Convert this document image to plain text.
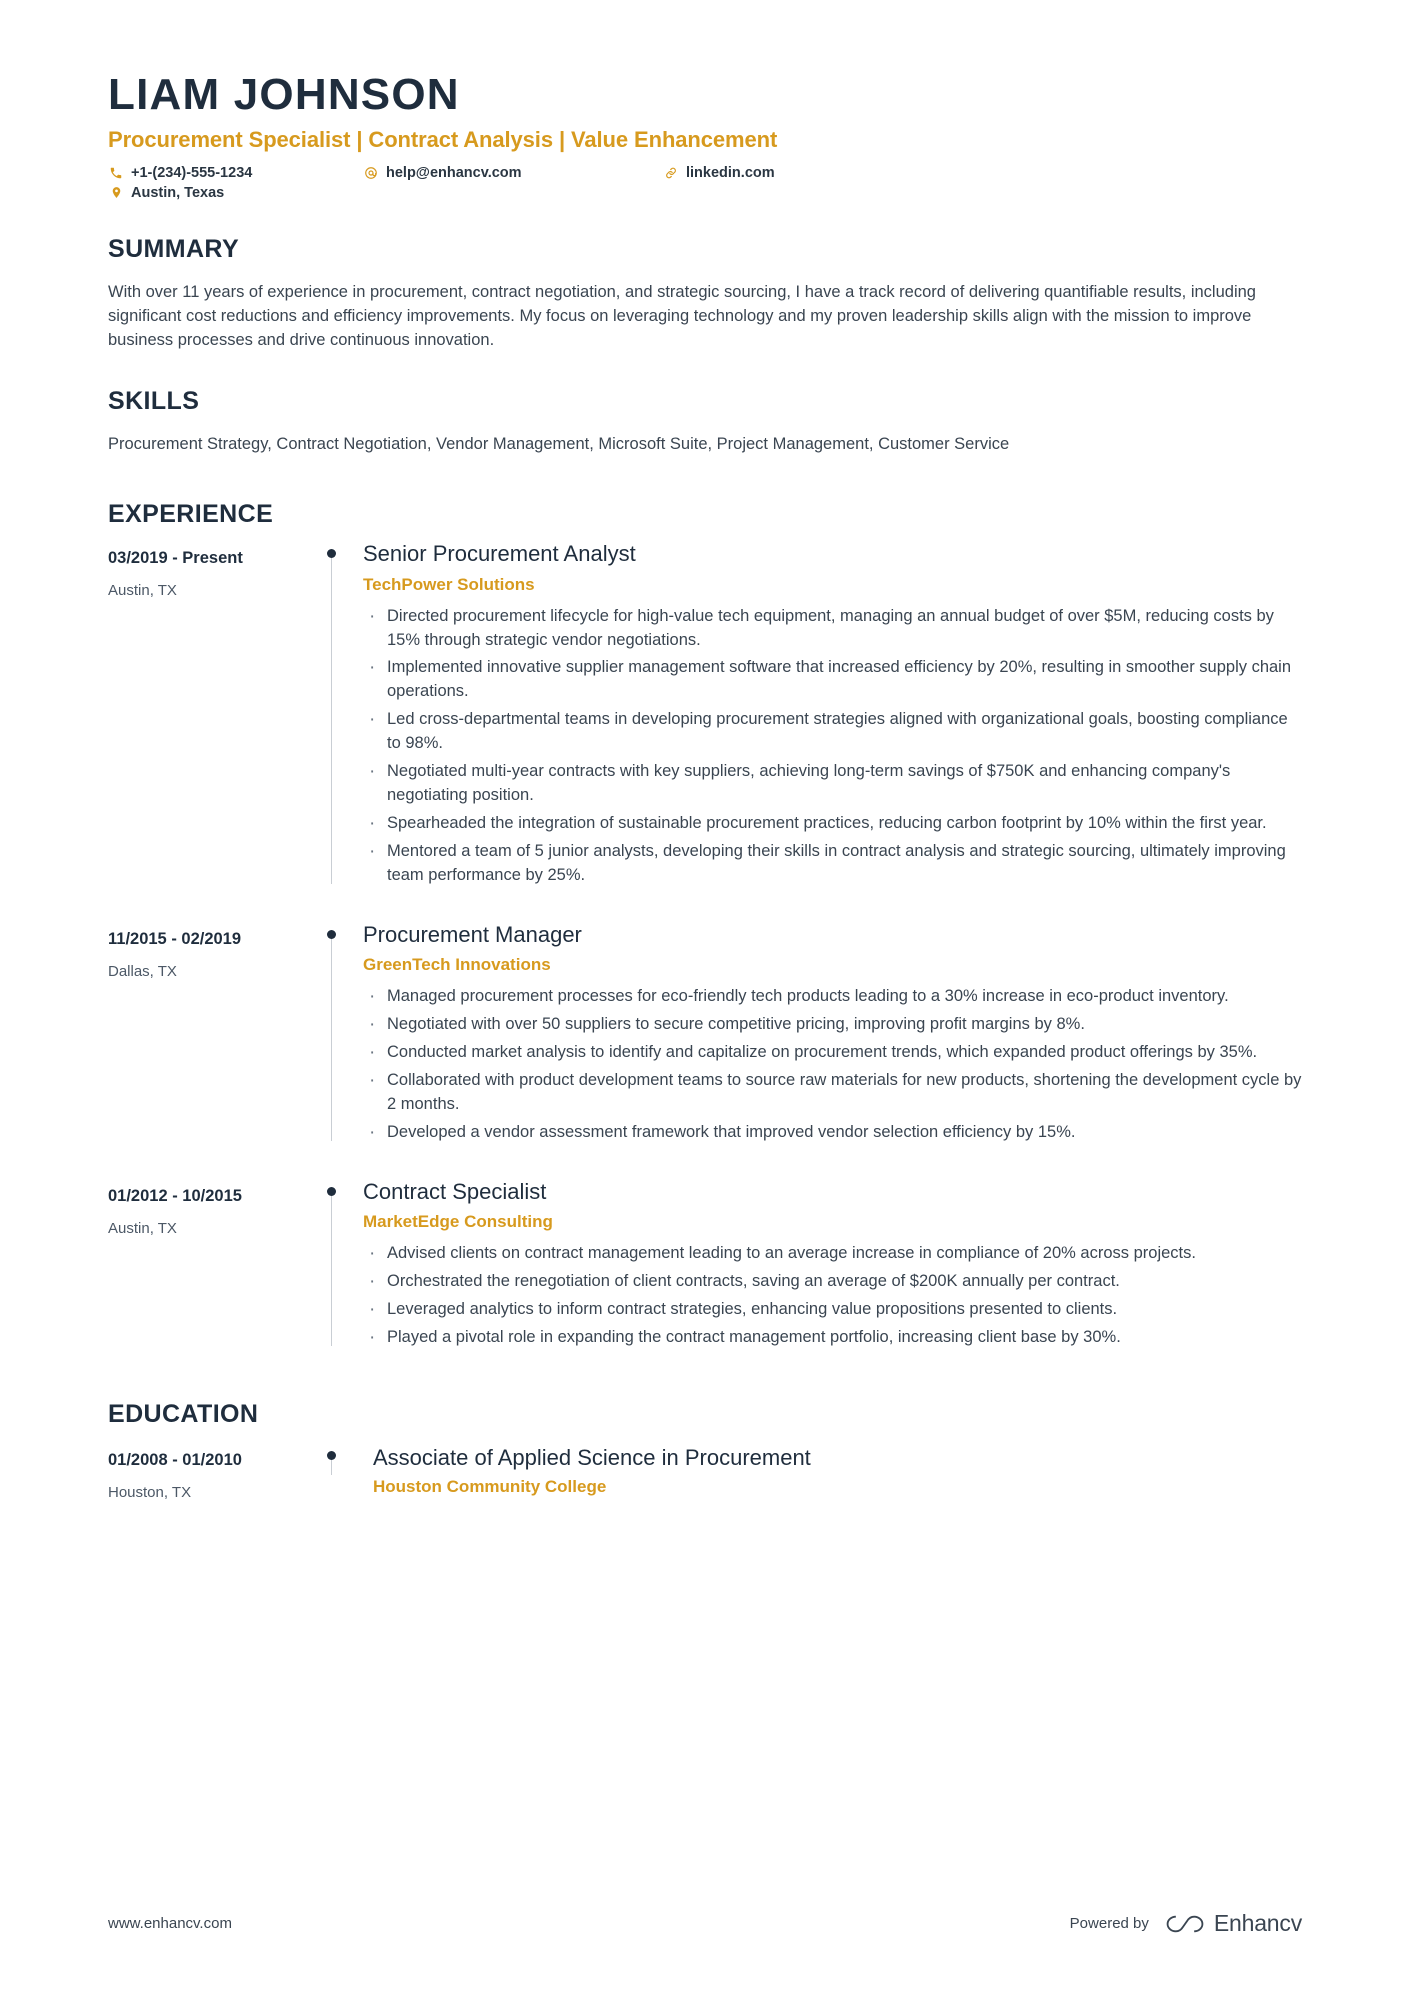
LIAM JOHNSON
Procurement Specialist | Contract Analysis | Value Enhancement
+1-(234)-555-1234	help@enhancv.com	linkedin.com
Austin, Texas
SUMMARY
With over 11 years of experience in procurement, contract negotiation, and strategic sourcing, I have a track record of delivering quantifiable results, including significant cost reductions and efficiency improvements. My focus on leveraging technology and my proven leadership skills align with the mission to improve business processes and drive continuous innovation.
SKILLS
Procurement Strategy, Contract Negotiation, Vendor Management, Microsoft Suite, Project Management, Customer Service
EXPERIENCE
03/2019 - Present
Austin, TX
Senior Procurement Analyst
TechPower Solutions
· Directed procurement lifecycle for high-value tech equipment, managing an annual budget of over $5M, reducing costs by 15% through strategic vendor negotiations.
· Implemented innovative supplier management software that increased efficiency by 20%, resulting in smoother supply chain operations.
· Led cross-departmental teams in developing procurement strategies aligned with organizational goals, boosting compliance to 98%.
· Negotiated multi-year contracts with key suppliers, achieving long-term savings of $750K and enhancing company's negotiating position.
· Spearheaded the integration of sustainable procurement practices, reducing carbon footprint by 10% within the first year.
· Mentored a team of 5 junior analysts, developing their skills in contract analysis and strategic sourcing, ultimately improving team performance by 25%.
11/2015 - 02/2019
Dallas, TX
Procurement Manager
GreenTech Innovations
· Managed procurement processes for eco-friendly tech products leading to a 30% increase in eco-product inventory.
· Negotiated with over 50 suppliers to secure competitive pricing, improving profit margins by 8%.
· Conducted market analysis to identify and capitalize on procurement trends, which expanded product offerings by 35%.
· Collaborated with product development teams to source raw materials for new products, shortening the development cycle by 2 months.
· Developed a vendor assessment framework that improved vendor selection efficiency by 15%.
01/2012 - 10/2015
Austin, TX
Contract Specialist
MarketEdge Consulting
· Advised clients on contract management leading to an average increase in compliance of 20% across projects.
· Orchestrated the renegotiation of client contracts, saving an average of $200K annually per contract.
· Leveraged analytics to inform contract strategies, enhancing value propositions presented to clients.
· Played a pivotal role in expanding the contract management portfolio, increasing client base by 30%.
EDUCATION
01/2008 - 01/2010
Houston, TX
Associate of Applied Science in Procurement
Houston Community College
www.enhancv.com	Powered by	Enhancv
